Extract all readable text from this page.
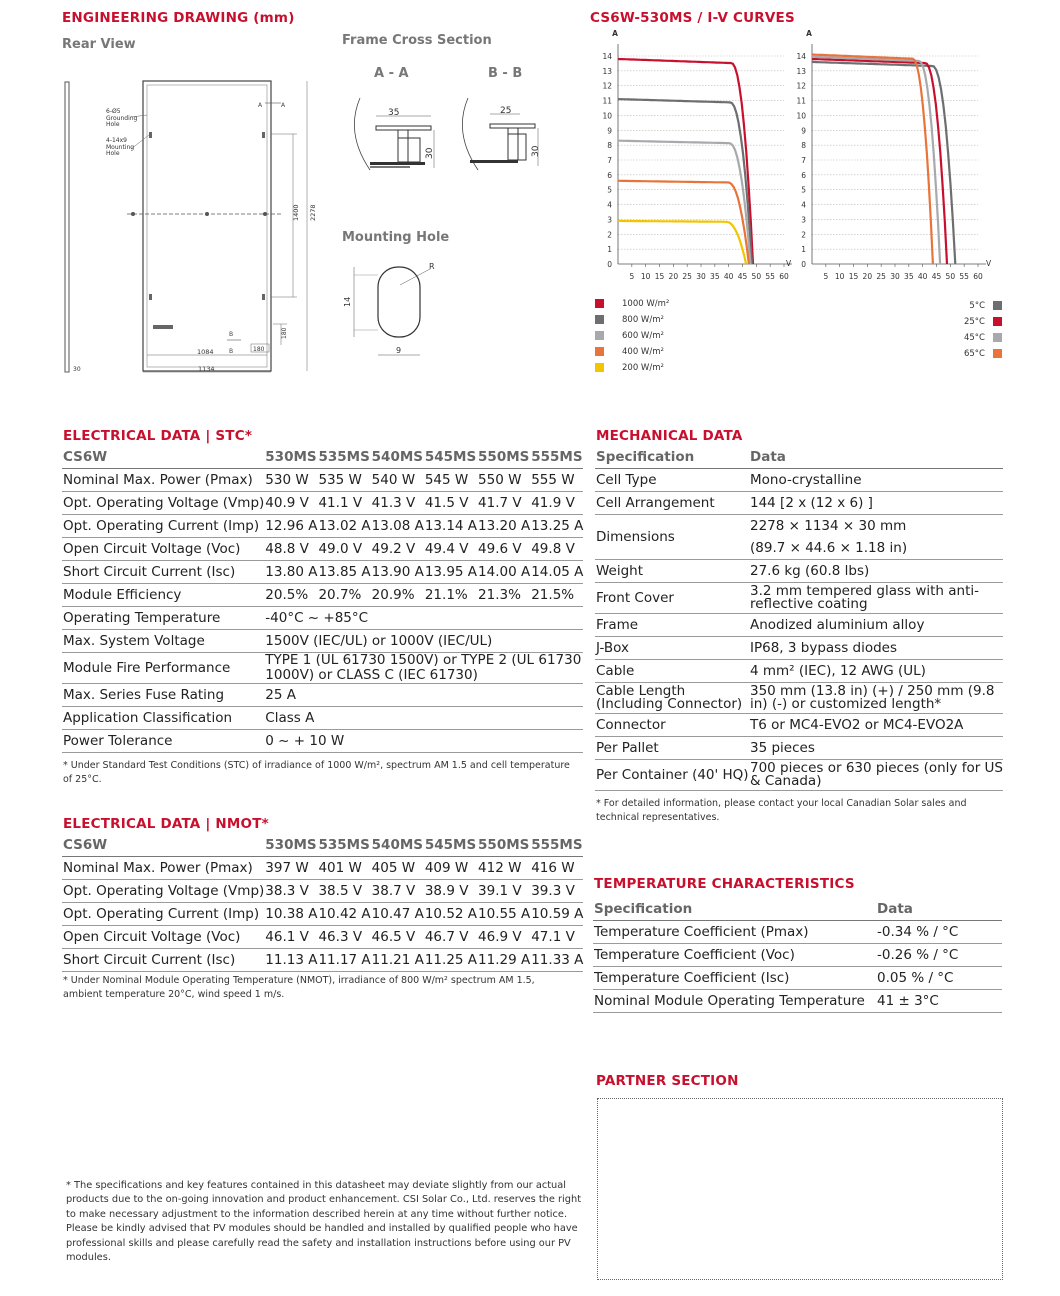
ENGINEERING DRAWING (mm)
Rear View	Frame Cross Section
Mounting Hole
A	A
B
B
1400 2278
180
180
1084
1134
30
6-Ø5 Grounding Hole
4-14x9 Mounting Hole
A - A	B - B
35
30
25
30
14
R
9
CS6W-530MS / I-V CURVES
0
1
2
3
4
5
6
7
8
9
10
11
12
13
14
A
V
5 10 15 20 25 30 35 40 45 50 55 60
0
1
2
3
4
5
6
7
8
9
10
11
12
13
14
A
V
5 10 15 20 25 30 35 40 45 50 55 60
1000 W/m²
800 W/m²
600 W/m²
400 W/m²
200 W/m²
5°C
25°C
45°C
65°C
ELECTRICAL DATA | STC*
CS6W	530MS	535MS	540MS	545MS	550MS	555MS
Nominal Max. Power (Pmax)	530 W	535 W	540 W	545 W	550 W	555 W
Opt. Operating Voltage (Vmp)	40.9 V	41.1 V	41.3 V	41.5 V	41.7 V	41.9 V
Opt. Operating Current (Imp)	12.96 A	13.02 A	13.08 A	13.14 A	13.20 A	13.25 A
Open Circuit Voltage (Voc)	48.8 V	49.0 V	49.2 V	49.4 V	49.6 V	49.8 V
Short Circuit Current (Isc)	13.80 A	13.85 A	13.90 A	13.95 A	14.00 A	14.05 A
Module Efficiency	20.5%	20.7%	20.9%	21.1%	21.3%	21.5%
Operating Temperature	-40°C ~ +85°C					
Max. System Voltage	1500V (IEC/UL) or 1000V (IEC/UL)					
Module Fire Performance	TYPE 1 (UL 61730 1500V) or TYPE 2 (UL 61730 1000V) or CLASS C (IEC 61730)					
Max. Series Fuse Rating	25 A					
Application Classification	Class A					
Power Tolerance	0 ~ + 10 W					
* Under Standard Test Conditions (STC) of irradiance of 1000 W/m², spectrum AM 1.5 and cell temperature of 25°C.
ELECTRICAL DATA | NMOT*
CS6W	530MS	535MS	540MS	545MS	550MS	555MS
Nominal Max. Power (Pmax)	397 W	401 W	405 W	409 W	412 W	416 W
Opt. Operating Voltage (Vmp)	38.3 V	38.5 V	38.7 V	38.9 V	39.1 V	39.3 V
Opt. Operating Current (Imp)	10.38 A	10.42 A	10.47 A	10.52 A	10.55 A	10.59 A
Open Circuit Voltage (Voc)	46.1 V	46.3 V	46.5 V	46.7 V	46.9 V	47.1 V
Short Circuit Current (Isc)	11.13 A	11.17 A	11.21 A	11.25 A	11.29 A	11.33 A
* Under Nominal Module Operating Temperature (NMOT), irradiance of 800 W/m² spectrum AM 1.5, ambient temperature 20°C, wind speed 1 m/s.
MECHANICAL DATA
Specification	Data
Cell Type	Mono-crystalline
Cell Arrangement	144 [2 x (12 x 6) ]
Dimensions	2278 × 1134 × 30 mm
(89.7 × 44.6 × 1.18 in)

Weight	27.6 kg (60.8 lbs)
Front Cover	3.2 mm tempered glass with anti-reflective coating
Frame	Anodized aluminium alloy
J-Box	IP68, 3 bypass diodes
Cable	4 mm² (IEC), 12 AWG (UL)
Cable Length (Including Connector)	350 mm (13.8 in) (+) / 250 mm (9.8 in) (-) or customized length*
Connector	T6 or MC4-EVO2 or MC4-EVO2A
Per Pallet	35 pieces
Per Container (40' HQ)	700 pieces or 630 pieces (only for US & Canada)
* For detailed information, please contact your local Canadian Solar sales and technical representatives.
TEMPERATURE CHARACTERISTICS
Specification	Data
Temperature Coefficient (Pmax)	-0.34 % / °C
Temperature Coefficient (Voc)	-0.26 % / °C
Temperature Coefficient (Isc)	0.05 % / °C
Nominal Module Operating Temperature	41 ± 3°C
PARTNER SECTION
* The specifications and key features contained in this datasheet may deviate slightly from our actual products due to the on-going innovation and product enhancement. CSI Solar Co., Ltd. reserves the right to make necessary adjustment to the information described herein at any time without further notice.
Please be kindly advised that PV modules should be handled and installed by qualified people who have professional skills and please carefully read the safety and installation instructions before using our PV modules.
